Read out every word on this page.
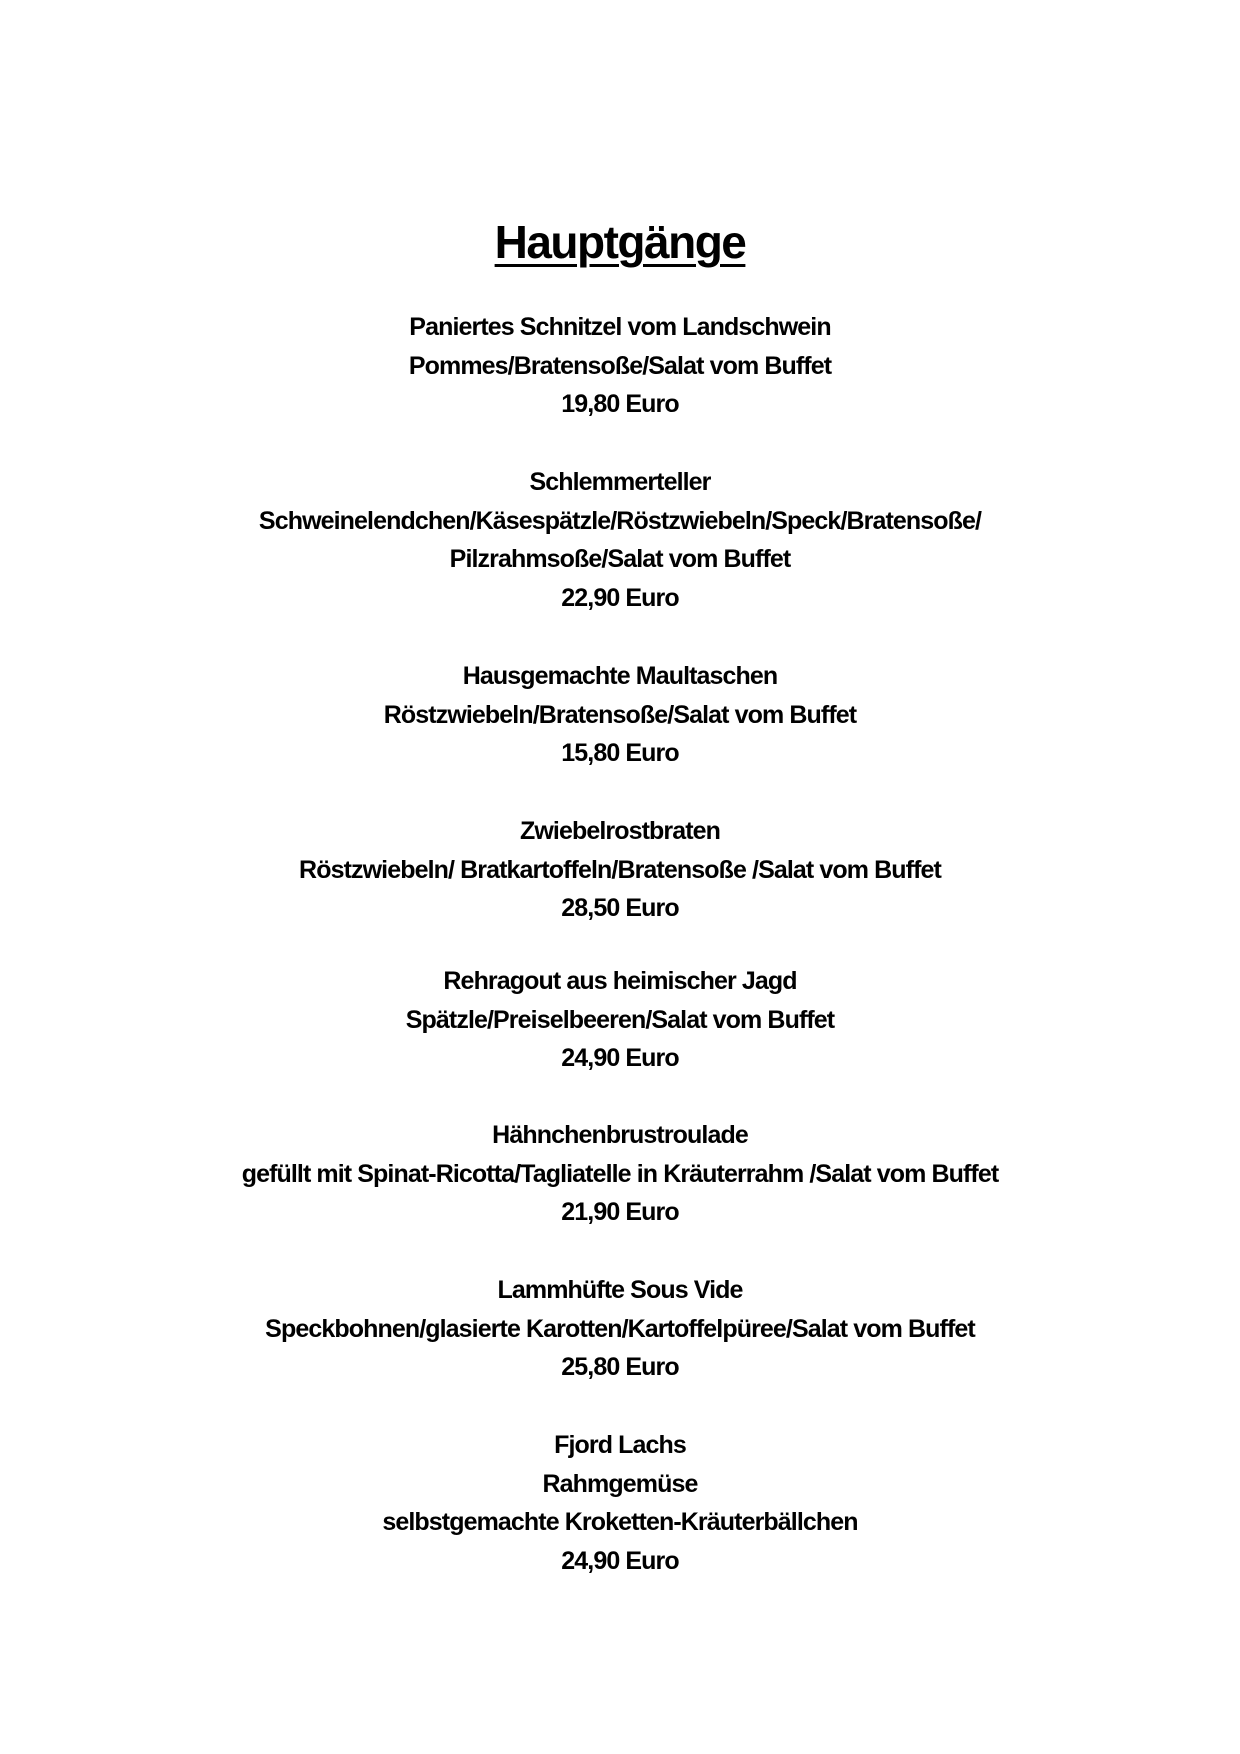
Hauptgänge
Paniertes Schnitzel vom Landschwein
Pommes/Bratensoße/Salat vom Buffet
19,80 Euro
Schlemmerteller
Schweinelendchen/Käsespätzle/Röstzwiebeln/Speck/Bratensoße/
Pilzrahmsoße/Salat vom Buffet
22,90 Euro
Hausgemachte Maultaschen
Röstzwiebeln/Bratensoße/Salat vom Buffet
15,80 Euro
Zwiebelrostbraten
Röstzwiebeln/ Bratkartoffeln/Bratensoße /Salat vom Buffet
28,50 Euro
Rehragout aus heimischer Jagd
Spätzle/Preiselbeeren/Salat vom Buffet
24,90 Euro
Hähnchenbrustroulade
gefüllt mit Spinat-Ricotta/Tagliatelle in Kräuterrahm /Salat vom Buffet
21,90 Euro
Lammhüfte Sous Vide
Speckbohnen/glasierte Karotten/Kartoffelpüree/Salat vom Buffet
25,80 Euro
Fjord Lachs
Rahmgemüse
selbstgemachte Kroketten-Kräuterbällchen
24,90 Euro
